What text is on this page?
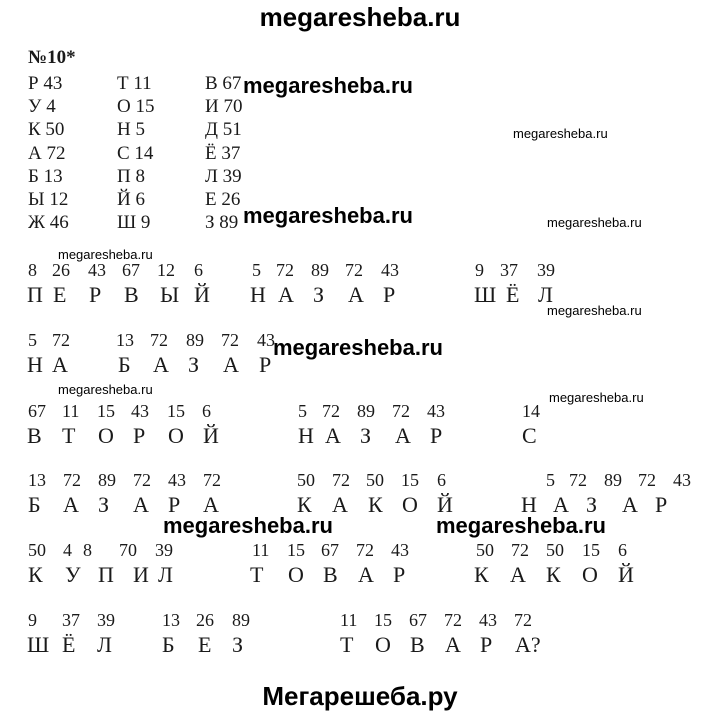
megaresheba.ru
Мегарешеба.ру
№10*
Р 43
У 4
К 50
А 72
Б 13
Ы 12
Ж 46
Т 11
О 15
Н 5
С 14
П 8
Й 6
Ш 9
В 67
И 70
Д 51
Ё 37
Л 39
Е 26
З 89
8 26 43 67 12 6
П Е Р В Ы Й
5 72 89 72 43
Н А З А Р
9 37 39
Ш Ё Л
5 72
Н А
13 72 89 72 43
Б А З А Р
67 11 15 43 15 6
В Т О Р О Й
5 72 89 72 43
Н А З А Р
14
С
13 72 89 72 43 72
Б А З А Р А
50 72 50 15 6
К А К О Й
5 72 89 72 43
Н А З А Р
50 4 8 70 39
К У П И Л
11 15 67 72 43
Т О В А Р
50 72 50 15 6
К А К О Й
9 37 39
Ш Ё Л
13 26 89
Б Е З
11 15 67 72 43 72
Т О В А Р А?
megaresheba.ru
megaresheba.ru
megaresheba.ru
megaresheba.ru	megaresheba.ru
megaresheba.ru
megaresheba.ru
megaresheba.ru
megaresheba.ru
megaresheba.ru
megaresheba.ru
